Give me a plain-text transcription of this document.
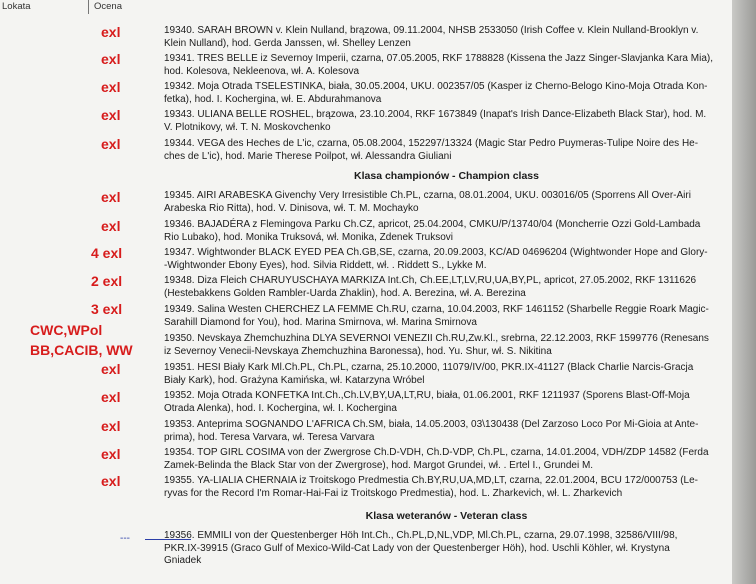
Lokata	Ocena
exl
exl
exl
exl
exl
exl
exl
4 exl
2 exl
3 exl
CWC,WPol
BB,CACIB, WW
exl
exl
exl
exl
exl
---
19340. SARAH BROWN v. Klein Nulland, brązowa, 09.11.2004, NHSB 2533050 (Irish Coffee v. Klein Nulland-Brooklyn v.
Klein Nulland), hod. Gerda Janssen, wł. Shelley Lenzen
19341. TRES BELLE iz Severnoy Imperii, czarna, 07.05.2005, RKF 1788828 (Kissena the Jazz Singer-Slavjanka Kara Mia),
hod. Kolesova, Nekleenova, wł. A. Kolesova
19342. Moja Otrada TSELESTINKA, biała, 30.05.2004, UKU. 002357/05 (Kasper iz Cherno-Belogo Kino-Moja Otrada Kon-
fetka), hod. I. Kochergina, wł. E. Abdurahmanova
19343. ULIANA BELLE ROSHEL, brązowa, 23.10.2004, RKF 1673849 (Inapat's Irish Dance-Elizabeth Black Star), hod. M.
V. Plotnikovy, wł. T. N. Moskovchenko
19344. VEGA des Heches de L'ic, czarna, 05.08.2004, 152297/13324 (Magic Star Pedro Puymeras-Tulipe Noire des He-
ches de L'ic), hod. Marie Therese Poilpot, wł. Alessandra Giuliani
Klasa championów - Champion class
19345. AIRI ARABESKA Givenchy Very Irresistible Ch.PL, czarna, 08.01.2004, UKU. 003016/05 (Sporrens All Over-Airi
Arabeska Rio Ritta), hod. V. Dinisova, wł. T. M. Mochayko
19346. BAJADÉRA z Flemingova Parku Ch.CZ, apricot, 25.04.2004, CMKU/P/13740/04 (Moncherrie Ozzi Gold-Lambada
Rio Lubako), hod. Monika Truksová, wł. Monika, Zdenek Truksovi
19347. Wightwonder BLACK EYED PEA Ch.GB,SE, czarna, 20.09.2003, KC/AD 04696204 (Wightwonder Hope and Glory-
-Wightwonder Ebony Eyes), hod. Silvia Riddett, wł. . Riddett S., Lykke M.
19348. Diza Fleich CHARUYUSCHAYA MARKIZA Int.Ch, Ch.EE,LT,LV,RU,UA,BY,PL, apricot, 27.05.2002, RKF 1311626
(Hestebakkens Golden Rambler-Uarda Zhaklin), hod. A. Berezina, wł. A. Berezina
19349. Salina Westen CHERCHEZ LA FEMME Ch.RU, czarna, 10.04.2003, RKF 1461152 (Sharbelle Reggie Roark Magic-
Sarahill Diamond for You), hod. Marina Smirnova, wł. Marina Smirnova
19350. Nevskaya Zhemchuzhina DLYA SEVERNOI VENEZII Ch.RU,Zw.Kl., srebrna, 22.12.2003, RKF 1599776 (Renesans
iz Severnoy Venecii-Nevskaya Zhemchuzhina Baronessa), hod. Yu. Shur, wł. S. Nikitina
19351. HESI Biały Kark Ml.Ch.PL, Ch.PL, czarna, 25.10.2000, 11079/IV/00, PKR.IX-41127 (Black Charlie Narcis-Gracja
Biały Kark), hod. Grażyna Kamińska, wł. Katarzyna Wróbel
19352. Moja Otrada KONFETKA Int.Ch.,Ch.LV,BY,UA,LT,RU, biała, 01.06.2001, RKF 1211937 (Sporens Blast-Off-Moja
Otrada Alenka), hod. I. Kochergina, wł. I. Kochergina
19353. Anteprima SOGNANDO L'AFRICA Ch.SM, biała, 14.05.2003, 03\130438 (Del Zarzoso Loco Por Mi-Gioia at Ante-
prima), hod. Teresa Varvara, wł. Teresa Varvara
19354. TOP GIRL COSIMA von der Zwergrose Ch.D-VDH, Ch.D-VDP, Ch.PL, czarna, 14.01.2004, VDH/ZDP 14582 (Ferda
Zamek-Belinda the Black Star von der Zwergrose), hod. Margot Grundei, wł. . Ertel I., Grundei M.
19355. YA-LIALIA CHERNAIA iz Troitskogo Predmestia Ch.BY,RU,UA,MD,LT, czarna, 22.01.2004, BCU 172/000753 (Le-
ryvas for the Record I'm Romar-Hai-Fai iz Troitskogo Predmestia), hod. L. Zharkevich, wł. L. Zharkevich
Klasa weteranów - Veteran class
19356. EMMILI von der Questenberger Höh Int.Ch., Ch.PL,D,NL,VDP, Ml.Ch.PL, czarna, 29.07.1998, 32586/VIII/98,
PKR.IX-39915 (Graco Gulf of Mexico-Wild-Cat Lady von der Questenberger Höh), hod. Uschli Köhler, wł. Krystyna
Gniadek
